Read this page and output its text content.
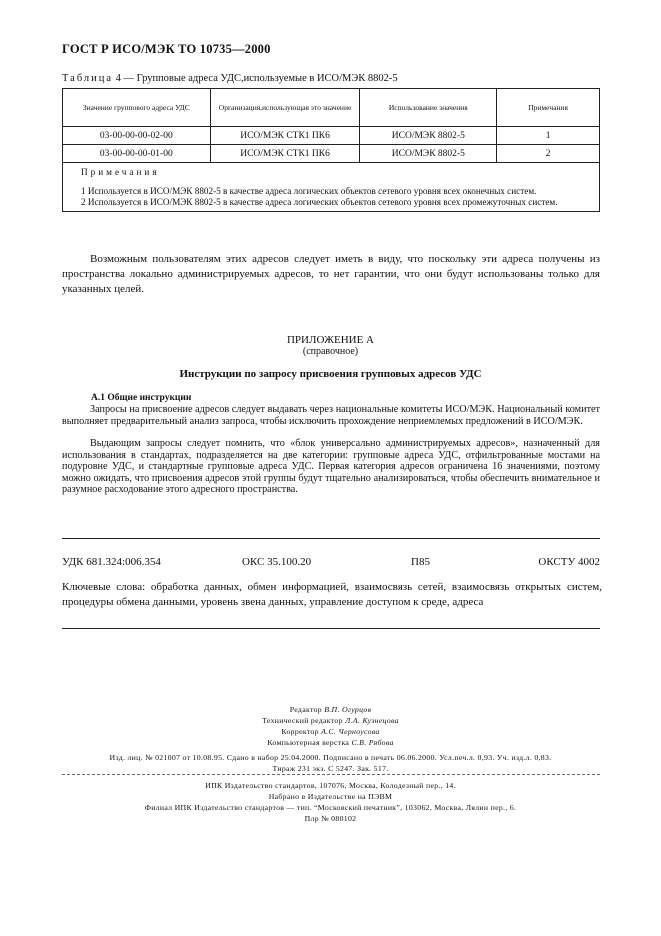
ГОСТ Р ИСО/МЭК ТО 10735—2000
Таблица 4 — Групповые адреса УДС,используемые в ИСО/МЭК 8802-5
Значение группового адреса УДС	Организация,использующая это значение	Использование значения	Примечания
03-00-00-00-02-00	ИСО/МЭК СТК1 ПК6	ИСО/МЭК 8802-5	1
03-00-00-00-01-00	ИСО/МЭК СТК1 ПК6	ИСО/МЭК 8802-5	2

Примечания
1 Используется в ИСО/МЭК 8802-5 в качестве адреса логических объектов сетевого уровня всех оконечных систем.
2 Используется в ИСО/МЭК 8802-5 в качестве адреса логических объектов сетевого уровня всех промежуточных систем.			
Возможным пользователям этих адресов следует иметь в виду, что поскольку эти адреса получены из пространства локально администрируемых адресов, то нет гарантии, что они будут использованы только для указанных целей.
ПРИЛОЖЕНИЕ А
(справочное)
Инструкции по запросу присвоения групповых адресов УДС
A.1 Общие инструкции
Запросы на присвоение адресов следует выдавать через национальные комитеты ИСО/МЭК. Национальный комитет выполняет предварительный анализ запроса, чтобы исключить прохождение неприемлемых предложений в ИСО/МЭК.
Выдающим запросы следует помнить, что «блок универсально администрируемых адресов», назначенный для использования в стандартах, подразделяется на две категории: групповые адреса УДС, отфильтрованные мостами на подуровне УДС, и стандартные групповые адреса УДС. Первая категория адресов ограничена 16 значениями, поэтому можно ожидать, что присвоения адресов этой группы будут тщательно анализироваться, чтобы обеспечить внимательное и разумное расходование этого адресного пространства.
УДК 681.324:006.354	ОКС 35.100.20	П85	ОКСТУ 4002
Ключевые слова: обработка данных, обмен информацией, взаимосвязь сетей, взаимосвязь открытых систем, процедуры обмена данными, уровень звена данных, управление доступом к среде, адреса
Редактор В.П. Огурцов
Технический редактор Л.А. Кузнецова
Корректор А.С. Черноусова
Компьютерная верстка С.В. Рябова
Изд. лиц. № 021007 от 10.08.95. Сдано в набор 25.04.2000. Подписано в печать 06.06.2000. Усл.печ.л. 0,93. Уч. изд.л. 0,83.
Тираж 231 экз. С 5247. Зак. 517.
ИПК Издательство стандартов, 107076, Москва, Колодезный пер., 14.
Набрано в Издательстве на ПЭВМ
Филиал ИПК Издательство стандартов — тип. “Московский печатник”, 103062, Москва, Лялин пер., 6.
Плр № 080102
